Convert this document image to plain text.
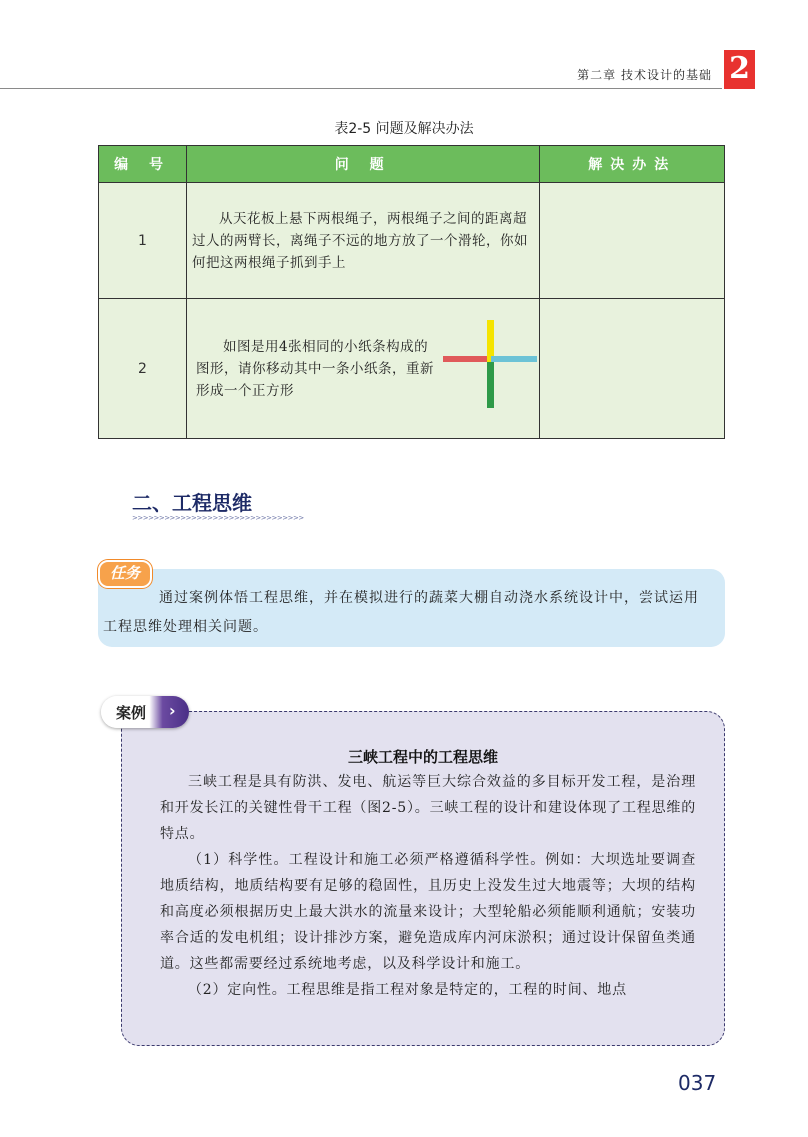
第二章 技术设计的基础 2
表2-5 问题及解决办法
编 号	问 题	解决办法
1	从天花板上悬下两根绳子，两根绳子之间的距离超过人的两臂长，离绳子不远的地方放了一个滑轮，你如何把这两根绳子抓到手上	

2	如图是用4张相同的小纸条构成的图形，请你移动其中一条小纸条，重新形成一个正方形	

二、工程思维
>>>>>>>>>>>>>>>>>>>>>>>>>>>>>>>>
任务
通过案例体悟工程思维，并在模拟进行的蔬菜大棚自动浇水系统设计中，尝试运用工程思维处理相关问题。
案例 ›
三峡工程中的工程思维

三峡工程是具有防洪、发电、航运等巨大综合效益的多目标开发工程，是治理和开发长江的关键性骨干工程（图2-5）。三峡工程的设计和建设体现了工程思维的特点。

（1）科学性。工程设计和施工必须严格遵循科学性。例如：大坝选址要调查地质结构，地质结构要有足够的稳固性，且历史上没发生过大地震等；大坝的结构和高度必须根据历史上最大洪水的流量来设计；大型轮船必须能顺利通航；安装功率合适的发电机组；设计排沙方案，避免造成库内河床淤积；通过设计保留鱼类通道。这些都需要经过系统地考虑，以及科学设计和施工。

（2）定向性。工程思维是指工程对象是特定的，工程的时间、地点

037
